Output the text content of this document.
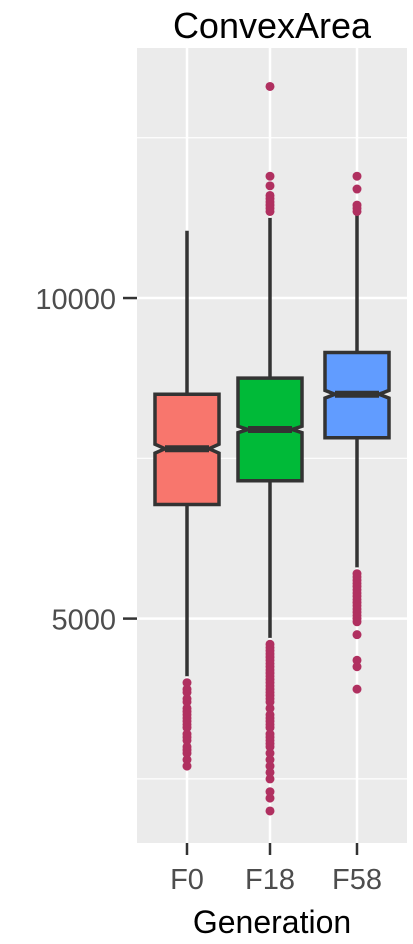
ConvexArea
10000
5000
F0 F18 F58
Generation
